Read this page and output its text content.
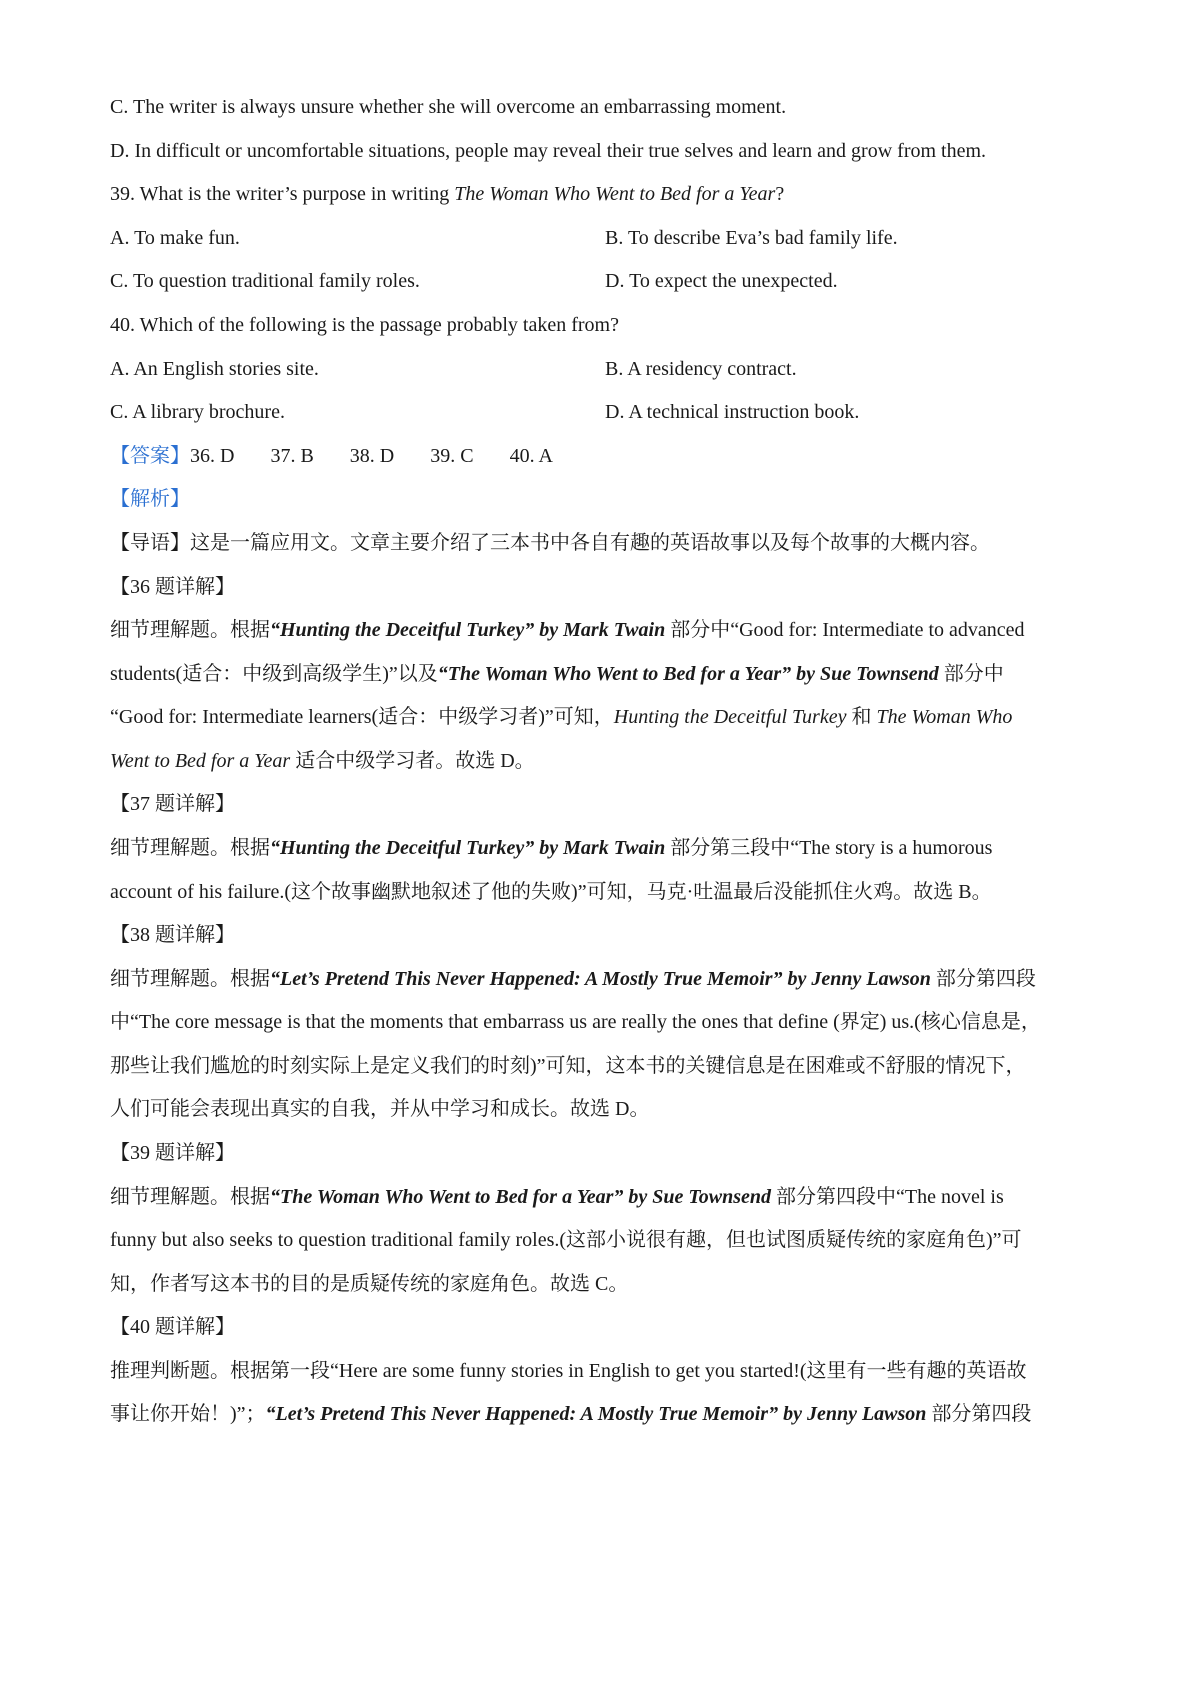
C. The writer is always unsure whether she will overcome an embarrassing moment.
D. In difficult or uncomfortable situations, people may reveal their true selves and learn and grow from them.
39. What is the writer’s purpose in writing The Woman Who Went to Bed for a Year?
A. To make fun.	B. To describe Eva’s bad family life.
C. To question traditional family roles.	D. To expect the unexpected.
40. Which of the following is the passage probably taken from?
A. An English stories site.	B. A residency contract.
C. A library brochure.	D. A technical instruction book.
【答案】36. D 37. B 38. D 39. C 40. A
【解析】
【导语】这是一篇应用文。文章主要介绍了三本书中各自有趣的英语故事以及每个故事的大概内容。
【36 题详解】
细节理解题。根据“Hunting the Deceitful Turkey” by Mark Twain 部分中“Good for: Intermediate to advanced
students(适合：中级到高级学生)”以及“The Woman Who Went to Bed for a Year” by Sue Townsend 部分中
“Good for: Intermediate learners(适合：中级学习者)”可知，Hunting the Deceitful Turkey 和 The Woman Who
Went to Bed for a Year 适合中级学习者。故选 D。
【37 题详解】
细节理解题。根据“Hunting the Deceitful Turkey” by Mark Twain 部分第三段中“The story is a humorous
account of his failure.(这个故事幽默地叙述了他的失败)”可知，马克·吐温最后没能抓住火鸡。故选 B。
【38 题详解】
细节理解题。根据“Let’s Pretend This Never Happened: A Mostly True Memoir” by Jenny Lawson 部分第四段
中“The core message is that the moments that embarrass us are really the ones that define (界定) us.(核心信息是，
那些让我们尴尬的时刻实际上是定义我们的时刻)”可知，这本书的关键信息是在困难或不舒服的情况下，
人们可能会表现出真实的自我，并从中学习和成长。故选 D。
【39 题详解】
细节理解题。根据“The Woman Who Went to Bed for a Year” by Sue Townsend 部分第四段中“The novel is
funny but also seeks to question traditional family roles.(这部小说很有趣，但也试图质疑传统的家庭角色)”可
知，作者写这本书的目的是质疑传统的家庭角色。故选 C。
【40 题详解】
推理判断题。根据第一段“Here are some funny stories in English to get you started!(这里有一些有趣的英语故
事让你开始！)”；“Let’s Pretend This Never Happened: A Mostly True Memoir” by Jenny Lawson 部分第四段
